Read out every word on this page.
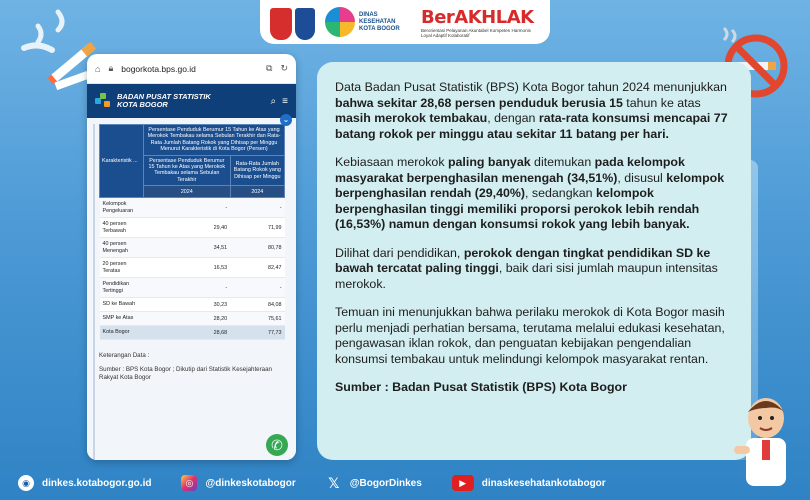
DINAS KESEHATAN KOTA BOGOR
BerAKHLAK
Berorientasi Pelayanan Akuntabel Kompeten Harmonis Loyal Adaptif Kolaboratif
⌂ 🔒︎ bogorkota.bps.go.id	⧉ ↻
BADAN PUSAT STATISTIK
KOTA BOGOR	⌕ ≡
⌄
Karakteristik ...	Persentase Penduduk Berumur 15 Tahun ke Atas yang Merokok Tembakau selama Sebulan Terakhir dan Rata-Rata Jumlah Batang Rokok yang Dihisap per Minggu Menurut Karakteristik di Kota Bogor (Persen)	
	Persentase Penduduk Berumur 15 Tahun ke Atas yang Merokok Tembakau selama Sebulan Terakhir	Rata-Rata Jumlah Batang Rokok yang Dihisap per Minggu
	2024	2024
Kelompok Pengeluaran	-	-
40 persen Terbawah	29,40	71,99
40 persen Menengah	34,51	80,78
20 persen Teratas	16,53	82,47
Pendidikan Tertinggi	-	-
SD ke Bawah	30,23	84,08
SMP ke Atas	28,20	75,61
Kota Bogor	28,68	77,73
Keterangan Data :
Sumber : BPS Kota Bogor ; Dikutip dari Statistik Kesejahteraan Rakyat Kota Bogor
✆

Data Badan Pusat Statistik (BPS) Kota Bogor tahun 2024 menunjukkan bahwa sekitar 28,68 persen penduduk berusia 15 tahun ke atas masih merokok tembakau, dengan rata-rata konsumsi mencapai 77 batang rokok per minggu atau sekitar 11 batang per hari.

Kebiasaan merokok paling banyak ditemukan pada kelompok masyarakat berpenghasilan menengah (34,51%), disusul kelompok berpenghasilan rendah (29,40%), sedangkan kelompok berpenghasilan tinggi memiliki proporsi perokok lebih rendah (16,53%) namun dengan konsumsi rokok yang lebih banyak.

Dilihat dari pendidikan, perokok dengan tingkat pendidikan SD ke bawah tercatat paling tinggi, baik dari sisi jumlah maupun intensitas merokok.

Temuan ini menunjukkan bahwa perilaku merokok di Kota Bogor masih perlu menjadi perhatian bersama, terutama melalui edukasi kesehatan, pengawasan iklan rokok, dan penguatan kebijakan pengendalian konsumsi tembakau untuk melindungi kelompok masyarakat rentan.

Sumber : Badan Pusat Statistik (BPS) Kota Bogor
◉	dinkes.kotabogor.go.id	◎	@dinkeskotabogor 𝕏 @BogorDinkes	▶	dinaskesehatankotabogor
